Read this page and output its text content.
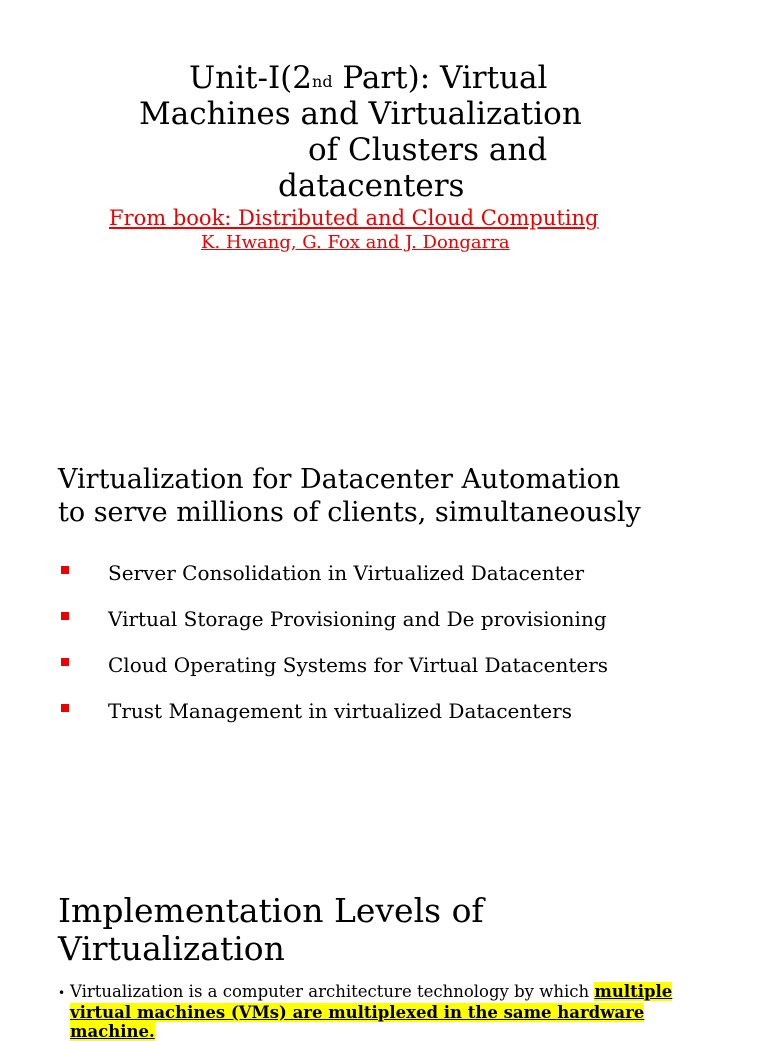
Unit-I(2nd Part): Virtual
Machines and Virtualization
of Clusters and
datacenters
From book: Distributed and Cloud Computing
K. Hwang, G. Fox and J. Dongarra
Virtualization for Datacenter Automation
to serve millions of clients, simultaneously
Server Consolidation in Virtualized Datacenter
Virtual Storage Provisioning and De provisioning
Cloud Operating Systems for Virtual Datacenters
Trust Management in virtualized Datacenters
Implementation Levels of
Virtualization
• Virtualization is a computer architecture technology by which multiple
virtual machines (VMs) are multiplexed in the same hardware
machine.
